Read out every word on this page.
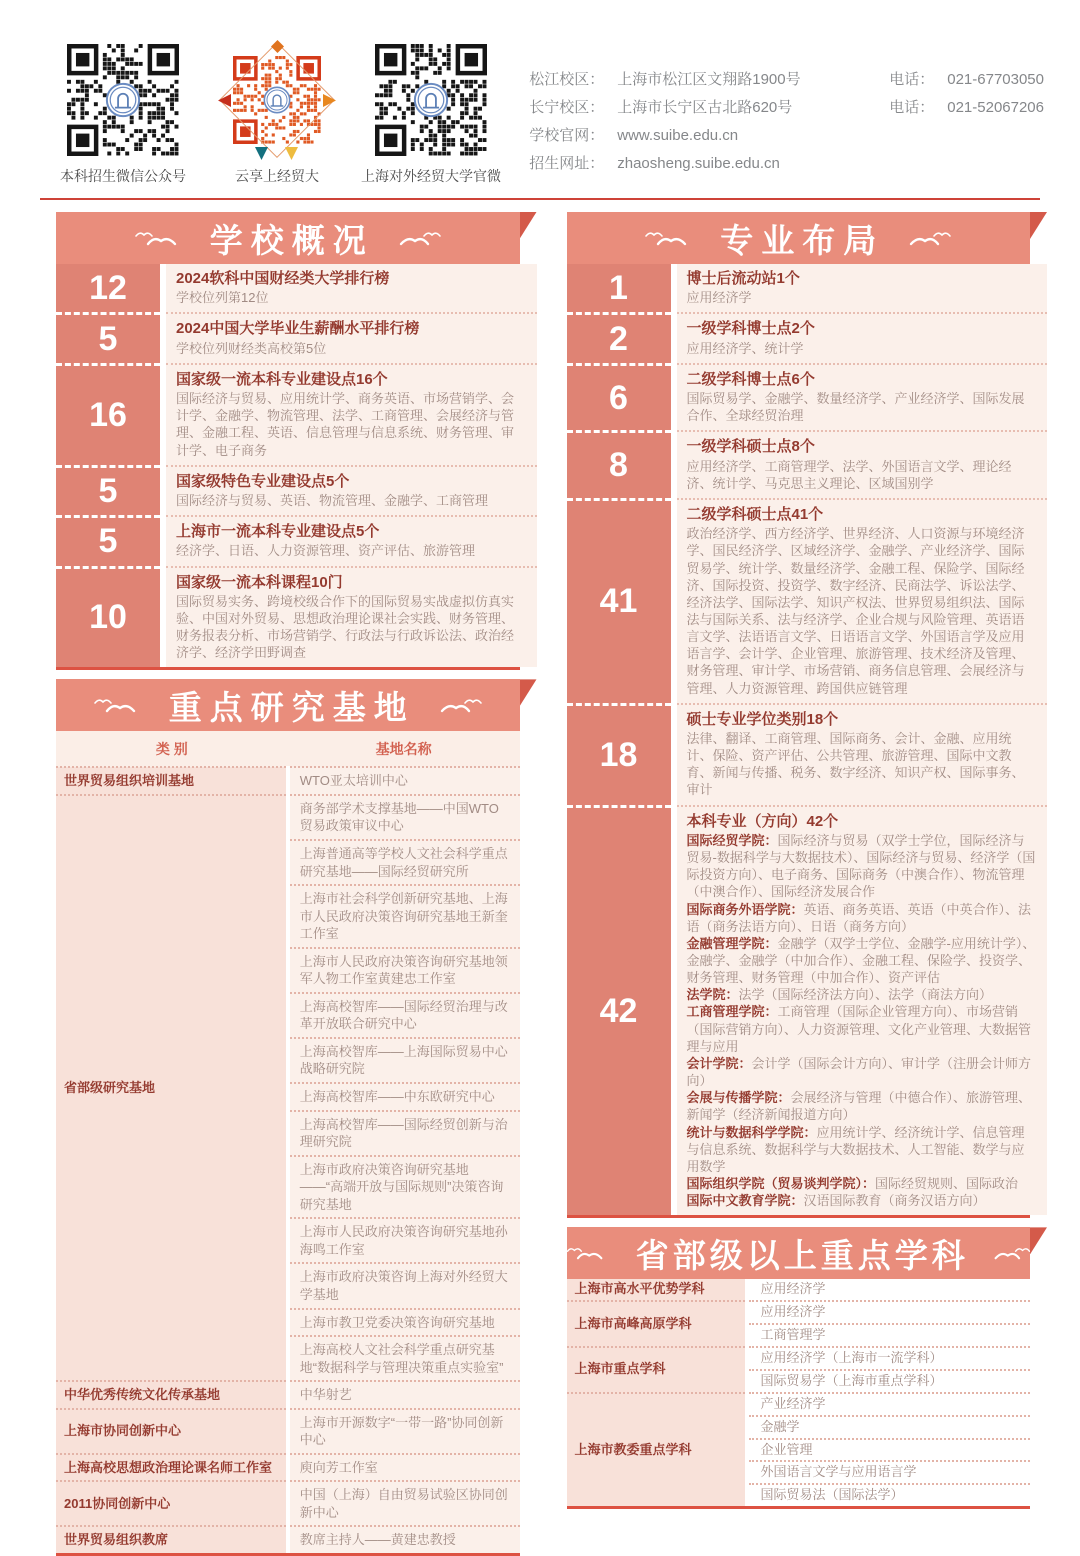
本科招生微信公众号	云享上经贸大	上海对外经贸大学官微
松江校区： 上海市松江区文翔路1900号	电话： 021-67703050
长宁校区： 上海市长宁区古北路620号	电话： 021-52067206
学校官网： www.suibe.edu.cn
招生网址： zhaosheng.suibe.edu.cn
学校概况
12	2024软科中国财经类大学排行榜
学校位列第12位
5	2024中国大学毕业生薪酬水平排行榜
学校位列财经类高校第5位
16
国家级一流本科专业建设点16个
国际经济与贸易、应用统计学、商务英语、市场营销学、会计学、金融学、物流管理、法学、工商管理、会展经济与管理、金融工程、英语、信息管理与信息系统、财务管理、审计学、电子商务
5	国家级特色专业建设点5个
国际经济与贸易、英语、物流管理、金融学、工商管理
5	上海市一流本科专业建设点5个
经济学、日语、人力资源管理、资产评估、旅游管理
10
国家级一流本科课程10门
国际贸易实务、跨境校级合作下的国际贸易实战虚拟仿真实验、中国对外贸易、思想政治理论课社会实践、财务管理、财务报表分析、市场营销学、行政法与行政诉讼法、政治经济学、经济学田野调查
重点研究基地
类 别	基地名称
世界贸易组织培训基地	WTO亚太培训中心
省部级研究基地	商务部学术支撑基地——中国WTO贸易政策审议中心
	上海普通高等学校人文社会科学重点研究基地——国际经贸研究所
	上海市社会科学创新研究基地、上海市人民政府决策咨询研究基地王新奎工作室
	上海市人民政府决策咨询研究基地领军人物工作室黄建忠工作室
	上海高校智库——国际经贸治理与改革开放联合研究中心
	上海高校智库——上海国际贸易中心战略研究院
	上海高校智库——中东欧研究中心
	上海高校智库——国际经贸创新与治理研究院
	上海市政府决策咨询研究基地——“高端开放与国际规则”决策咨询研究基地
	上海市人民政府决策咨询研究基地孙海鸣工作室
	上海市政府决策咨询上海对外经贸大学基地
	上海市教卫党委决策咨询研究基地
	上海高校人文社会科学重点研究基地“数据科学与管理决策重点实验室”
中华优秀传统文化传承基地	中华射艺
上海市协同创新中心	上海市开源数字“一带一路”协同创新中心
上海高校思想政治理论课名师工作室	庾向芳工作室
2011协同创新中心	中国（上海）自由贸易试验区协同创新中心
世界贸易组织教席	教席主持人——黄建忠教授
专业布局
1	博士后流动站1个
应用经济学
2	一级学科博士点2个
应用经济学、统计学
6	二级学科博士点6个
国际贸易学、金融学、数量经济学、产业经济学、国际发展合作、全球经贸治理
8	一级学科硕士点8个
应用经济学、工商管理学、法学、外国语言文学、理论经济、统计学、马克思主义理论、区域国别学
41
二级学科硕士点41个
政治经济学、西方经济学、世界经济、人口资源与环境经济学、国民经济学、区域经济学、金融学、产业经济学、国际贸易学、统计学、数量经济学、金融工程、保险学、国际经济、国际投资、投资学、数字经济、民商法学、诉讼法学、经济法学、国际法学、知识产权法、世界贸易组织法、国际法与国际关系、法与经济学、企业合规与风险管理、英语语言文学、法语语言文学、日语语言文学、外国语言学及应用语言学、会计学、企业管理、旅游管理、技术经济及管理、财务管理、审计学、市场营销、商务信息管理、会展经济与管理、人力资源管理、跨国供应链管理
18
硕士专业学位类别18个
法律、翻译、工商管理、国际商务、会计、金融、应用统计、保险、资产评估、公共管理、旅游管理、国际中文教育、新闻与传播、税务、数字经济、知识产权、国际事务、审计
42
本科专业（方向）42个
国际经贸学院：国际经济与贸易（双学士学位，国际经济与贸易-数据科学与大数据技术）、国际经济与贸易、经济学（国际投资方向）、电子商务、国际商务（中澳合作）、物流管理（中澳合作）、国际经济发展合作
国际商务外语学院：英语、商务英语、英语（中英合作）、法语（商务法语方向）、日语（商务方向）
金融管理学院：金融学（双学士学位、金融学-应用统计学）、金融学、金融学（中加合作）、金融工程、保险学、投资学、财务管理、财务管理（中加合作）、资产评估
法学院：法学（国际经济法方向）、法学（商法方向）
工商管理学院：工商管理（国际企业管理方向）、市场营销（国际营销方向）、人力资源管理、文化产业管理、大数据管理与应用
会计学院：会计学（国际会计方向）、审计学（注册会计师方向）
会展与传播学院：会展经济与管理（中德合作）、旅游管理、新闻学（经济新闻报道方向）
统计与数据科学学院：应用统计学、经济统计学、信息管理与信息系统、数据科学与大数据技术、人工智能、数学与应用数学
国际组织学院（贸易谈判学院）：国际经贸规则、国际政治
国际中文教育学院：汉语国际教育（商务汉语方向）
省部级以上重点学科
上海市高水平优势学科	应用经济学
上海市高峰高原学科	应用经济学
	工商管理学
上海市重点学科	应用经济学（上海市一流学科）
	国际贸易学（上海市重点学科）
上海市教委重点学科	产业经济学
	金融学
	企业管理
	外国语言文学与应用语言学
	国际贸易法（国际法学）
